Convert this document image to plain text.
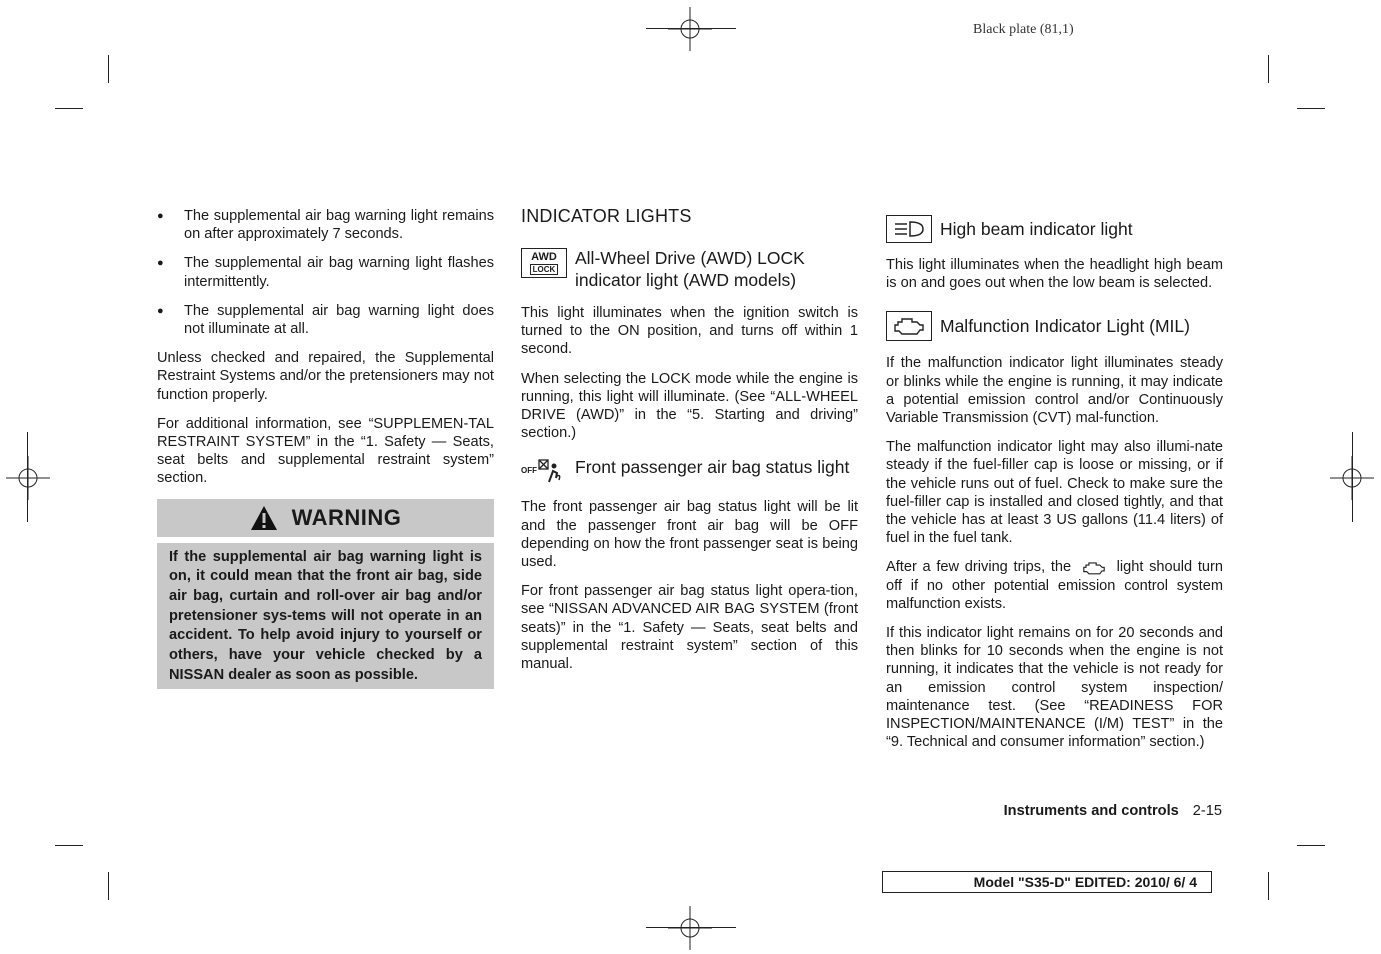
Black plate (81,1)
● The supplemental air bag warning light remains on after approximately 7 seconds.
● The supplemental air bag warning light flashes intermittently.
● The supplemental air bag warning light does not illuminate at all.

Unless checked and repaired, the Supplemental Restraint Systems and/or the pretensioners may not function properly.

For additional information, see “SUPPLEMEN-TAL RESTRAINT SYSTEM” in the “1. Safety — Seats, seat belts and supplemental restraint system” section.

WARNING
If the supplemental air bag warning light is on, it could mean that the front air bag, side air bag, curtain and roll-over air bag and/or pretensioner sys-tems will not operate in an accident. To help avoid injury to yourself or others, have your vehicle checked by a NISSAN dealer as soon as possible.
INDICATOR LIGHTS
AWD
LOCK
All-Wheel Drive (AWD) LOCK indicator light (AWD models)

This light illuminates when the ignition switch is turned to the ON position, and turns off within 1 second.

When selecting the LOCK mode while the engine is running, this light will illuminate. (See “ALL-WHEEL DRIVE (AWD)” in the “5. Starting and driving” section.)

OFF Front passenger air bag status light

The front passenger air bag status light will be lit and the passenger front air bag will be OFF depending on how the front passenger seat is being used.

For front passenger air bag status light opera-tion, see “NISSAN ADVANCED AIR BAG SYSTEM (front seats)” in the “1. Safety — Seats, seat belts and supplemental restraint system” section of this manual.

High beam indicator light

This light illuminates when the headlight high beam is on and goes out when the low beam is selected.

Malfunction Indicator Light (MIL)

If the malfunction indicator light illuminates steady or blinks while the engine is running, it may indicate a potential emission control and/or Continuously Variable Transmission (CVT) mal-function.

The malfunction indicator light may also illumi-nate steady if the fuel-filler cap is loose or missing, or if the vehicle runs out of fuel. Check to make sure the fuel-filler cap is installed and closed tightly, and that the vehicle has at least 3 US gallons (11.4 liters) of fuel in the fuel tank.

After a few driving trips, the	light should turn off if no other potential emission control system malfunction exists.

If this indicator light remains on for 20 seconds and then blinks for 10 seconds when the engine is not running, it indicates that the vehicle is not ready for an emission control system inspection/ maintenance test. (See “READINESS FOR INSPECTION/MAINTENANCE (I/M) TEST” in the “9. Technical and consumer information” section.)

Instruments and controls 2-15
Model "S35-D" EDITED: 2010/ 6/ 4
